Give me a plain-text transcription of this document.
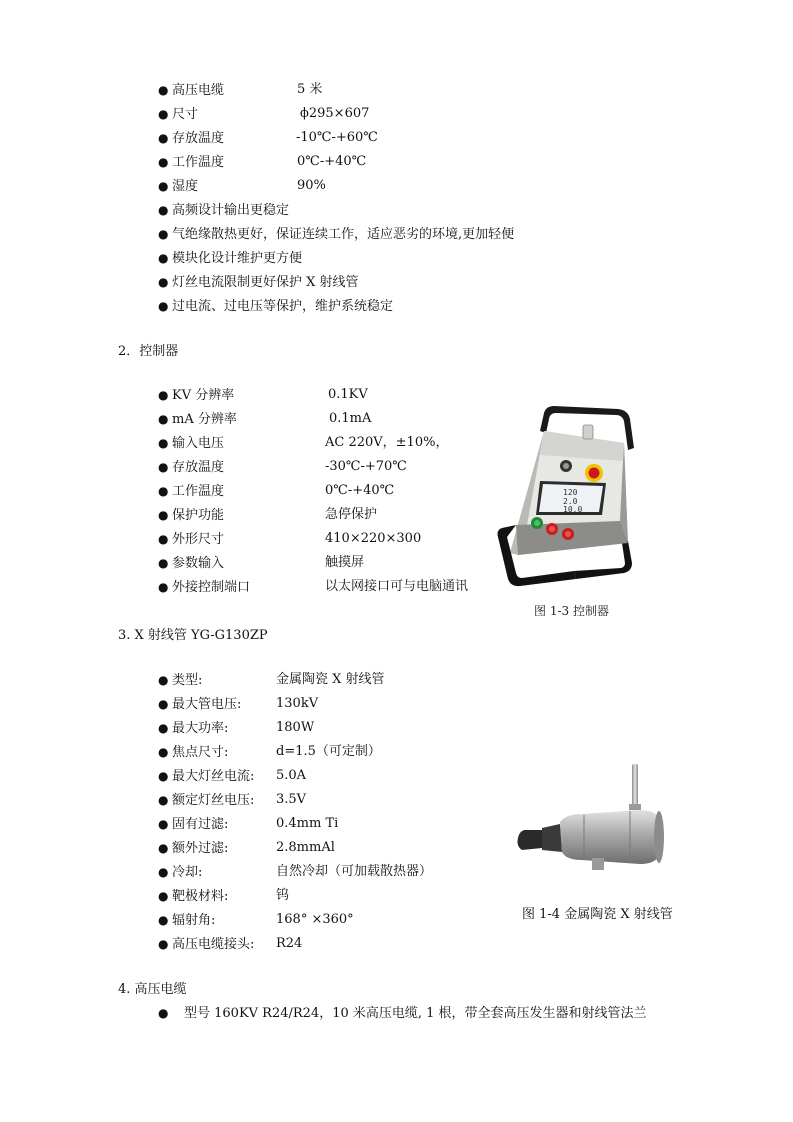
● 高压电缆	5 米
● 尺寸	ϕ295×607
● 存放温度	-10℃-+60℃
● 工作温度	0℃-+40℃
● 湿度	90%
● 高频设计输出更稳定
● 气绝缘散热更好，保证连续工作，适应恶劣的环境,更加轻便
● 模块化设计维护更方便
● 灯丝电流限制更好保护 X 射线管
● 过电流、过电压等保护，维护系统稳定
2．控制器
● KV 分辨率	0.1KV
● mA 分辨率	0.1mA
● 输入电压	AC 220V，±10%，
● 存放温度	-30℃-+70℃
● 工作温度	0℃-+40℃
● 保护功能	急停保护
● 外形尺寸	410×220×300
● 参数输入	触摸屏
● 外接控制端口	以太网接口可与电脑通讯
120
2.0
10.0
图 1-3 控制器
3. X 射线管 YG-G130ZP
● 类型:	金属陶瓷 X 射线管
● 最大管电压:	130kV
● 最大功率:	180W
● 焦点尺寸:	d=1.5（可定制）
● 最大灯丝电流: 5.0A
● 额定灯丝电压: 3.5V
● 固有过滤:	0.4mm Ti
● 额外过滤:	2.8mmAl
● 冷却:	自然冷却（可加载散热器）
● 靶极材料:	钨
● 辐射角:	168° ×360°
● 高压电缆接头: R24
图 1-4 金属陶瓷 X 射线管
4. 高压电缆
● 型号 160KV R24/R24，10 米高压电缆, 1 根，带全套高压发生器和射线管法兰
